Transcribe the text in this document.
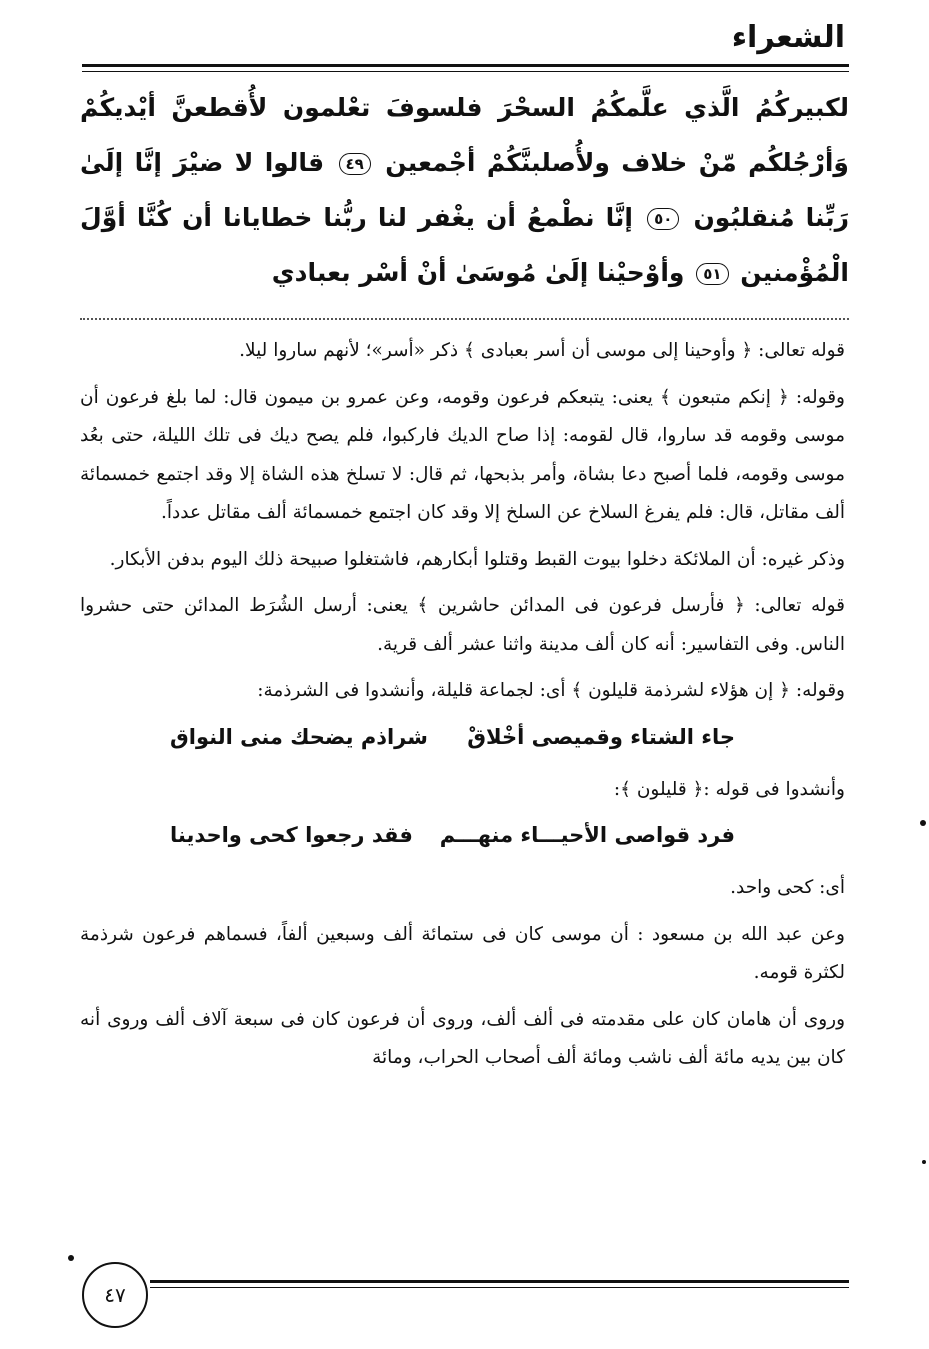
الشعراء
لكبيركُمُ الَّذي علَّمكُمُ السحْرَ فلسوفَ تعْلمون لأُقطعنَّ أيْديكُمْ وَأرْجُلكُم مّنْ خلاف ولأُصلبنَّكُمْ أجْمعين ٤٩ قالوا لا ضيْرَ إنَّا إلَىٰ رَبِّنا مُنقلبُون ٥٠ إنَّا نطْمعُ أن يغْفر لنا ربُّنا خطايانا أن كُنَّا أوَّلَ الْمُؤْمنين ٥١ وأوْحيْنا إلَىٰ مُوسَىٰ أنْ أسْر بعبادي

قوله تعالى: ﴿ وأوحينا إلى موسى أن أسر بعبادى ﴾ ذكر «أسر»؛ لأنهم ساروا ليلا.

وقوله: ﴿ إنكم متبعون ﴾ يعنى: يتبعكم فرعون وقومه، وعن عمرو بن ميمون قال: لما بلغ فرعون أن موسى وقومه قد ساروا، قال لقومه: إذا صاح الديك فاركبوا، فلم يصح ديك فى تلك الليلة، حتى بعُد موسى وقومه، فلما أصبح دعا بشاة، وأمر بذبحها، ثم قال: لا تسلخ هذه الشاة إلا وقد اجتمع خمسمائة ألف مقاتل، قال: فلم يفرغ السلاخ عن السلخ إلا وقد كان اجتمع خمسمائة ألف مقاتل عدداً.

وذكر غيره: أن الملائكة دخلوا بيوت القبط وقتلوا أبكارهم، فاشتغلوا صبيحة ذلك اليوم بدفن الأبكار.

قوله تعالى: ﴿ فأرسل فرعون فى المدائن حاشرين ﴾ يعنى: أرسل الشُرَط المدائن حتى حشروا الناس. وفى التفاسير: أنه كان ألف مدينة واثنا عشر ألف قرية.

وقوله: ﴿ إن هؤلاء لشرذمة قليلون ﴾ أى: لجماعة قليلة، وأنشدوا فى الشرذمة:

جاء الشتاء وقميصى أخْلاقْ
شراذم يضحك منى النواق

وأنشدوا فى قوله :﴿ قليلون ﴾:

فرد قواصى الأحيـــاء منهـــم
فقد رجعوا كحى واحدينا

أى: كحى واحد.

وعن عبد الله بن مسعود : أن موسى كان فى ستمائة ألف وسبعين ألفاً، فسماهم فرعون شرذمة لكثرة قومه.

وروى أن هامان كان على مقدمته فى ألف ألف، وروى أن فرعون كان فى سبعة آلاف ألف وروى أنه كان بين يديه مائة ألف ناشب ومائة ألف أصحاب الحراب، ومائة

٤٧
